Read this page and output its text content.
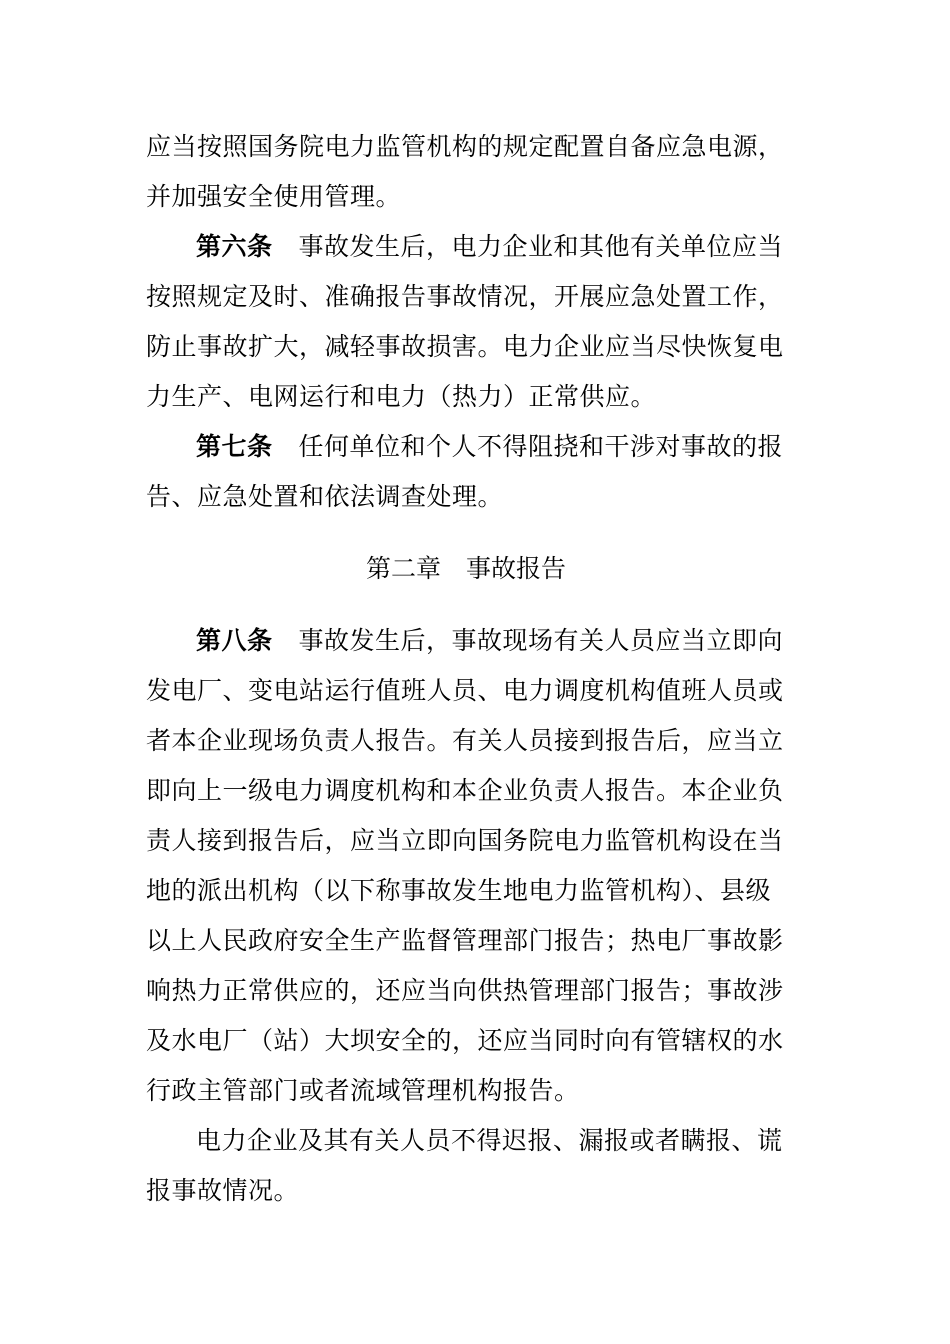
应当按照国务院电力监管机构的规定配置自备应急电源，
并加强安全使用管理。
第六条 事故发生后，电力企业和其他有关单位应当
按照规定及时、准确报告事故情况，开展应急处置工作，
防止事故扩大，减轻事故损害。电力企业应当尽快恢复电
力生产、电网运行和电力（热力）正常供应。
第七条 任何单位和个人不得阻挠和干涉对事故的报
告、应急处置和依法调查处理。
第二章　事故报告
第八条 事故发生后，事故现场有关人员应当立即向
发电厂、变电站运行值班人员、电力调度机构值班人员或
者本企业现场负责人报告。有关人员接到报告后，应当立
即向上一级电力调度机构和本企业负责人报告。本企业负
责人接到报告后，应当立即向国务院电力监管机构设在当
地的派出机构（以下称事故发生地电力监管机构）、县级
以上人民政府安全生产监督管理部门报告；热电厂事故影
响热力正常供应的，还应当向供热管理部门报告；事故涉
及水电厂（站）大坝安全的，还应当同时向有管辖权的水
行政主管部门或者流域管理机构报告。
电力企业及其有关人员不得迟报、漏报或者瞒报、谎
报事故情况。
